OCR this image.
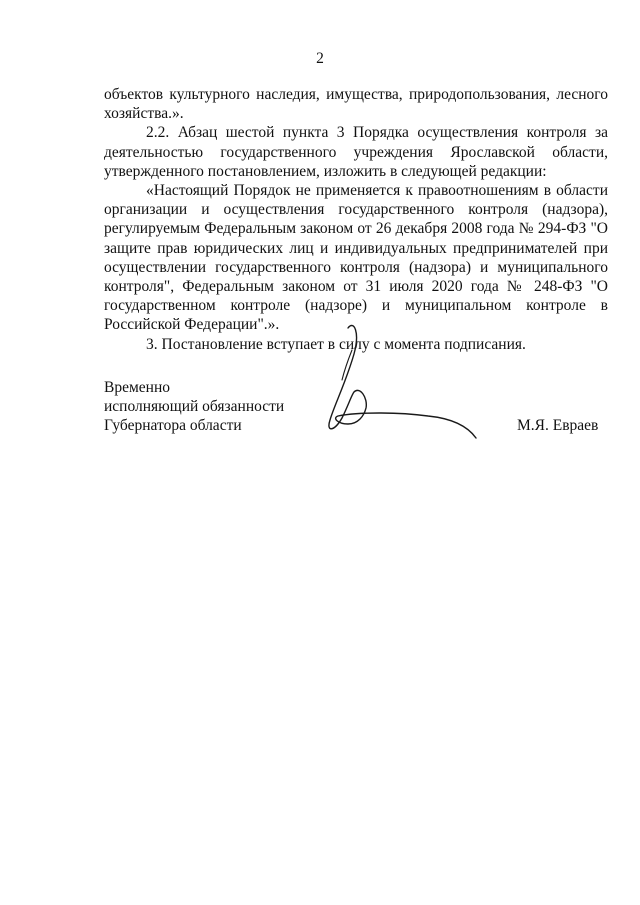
2

объектов культурного наследия, имущества, природопользования, лесного хозяйства.».

2.2. Абзац шестой пункта 3 Порядка осуществления контроля за деятельностью государственного учреждения Ярославской области, утвержденного постановлением, изложить в следующей редакции:

«Настоящий Порядок не применяется к правоотношениям в области организации и осуществления государственного контроля (надзора), регулируемым Федеральным законом от 26 декабря 2008 года № 294-ФЗ "О защите прав юридических лиц и индивидуальных предпринимателей при осуществлении государственного контроля (надзора) и муниципального контроля", Федеральным законом от 31 июля 2020 года № 248-ФЗ "О государственном контроле (надзоре) и муниципальном контроле в Российской Федерации".».

3. Постановление вступает в силу с момента подписания.

Временно
исполняющий обязанности
Губернатора области	М.Я. Евраев
